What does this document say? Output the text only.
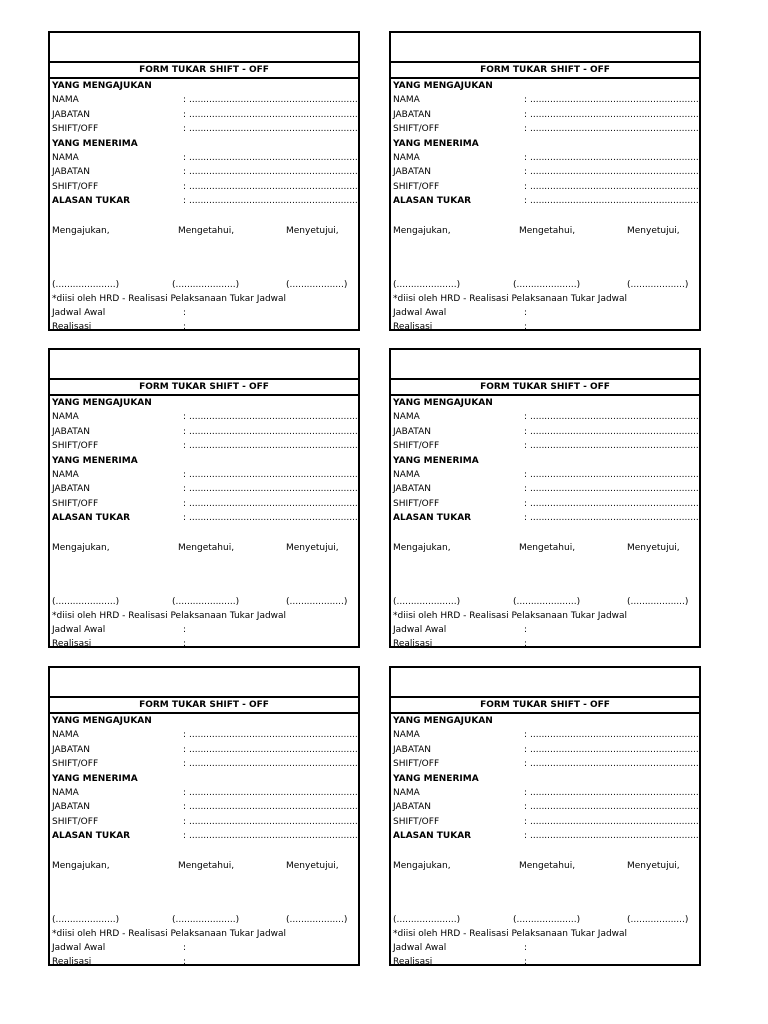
FORM TUKAR SHIFT - OFF
YANG MENGAJUKAN
NAMA	: ...........................................................
JABATAN	: ...........................................................
SHIFT/OFF	: ...........................................................
YANG MENERIMA
NAMA	: ...........................................................
JABATAN	: ...........................................................
SHIFT/OFF	: ...........................................................
ALASAN TUKAR	: ...........................................................
Mengajukan,	Mengetahui,	Menyetujui,
(.....................)	(.....................)	(...................)
*diisi oleh HRD - Realisasi Pelaksanaan Tukar Jadwal
Jadwal Awal	:
Realisasi	:
FORM TUKAR SHIFT - OFF
YANG MENGAJUKAN
NAMA	: ...........................................................
JABATAN	: ...........................................................
SHIFT/OFF	: ...........................................................
YANG MENERIMA
NAMA	: ...........................................................
JABATAN	: ...........................................................
SHIFT/OFF	: ...........................................................
ALASAN TUKAR	: ...........................................................
Mengajukan,	Mengetahui,	Menyetujui,
(.....................)	(.....................)	(...................)
*diisi oleh HRD - Realisasi Pelaksanaan Tukar Jadwal
Jadwal Awal	:
Realisasi	:
FORM TUKAR SHIFT - OFF
YANG MENGAJUKAN
NAMA	: ...........................................................
JABATAN	: ...........................................................
SHIFT/OFF	: ...........................................................
YANG MENERIMA
NAMA	: ...........................................................
JABATAN	: ...........................................................
SHIFT/OFF	: ...........................................................
ALASAN TUKAR	: ...........................................................
Mengajukan,	Mengetahui,	Menyetujui,
(.....................)	(.....................)	(...................)
*diisi oleh HRD - Realisasi Pelaksanaan Tukar Jadwal
Jadwal Awal	:
Realisasi	:
FORM TUKAR SHIFT - OFF
YANG MENGAJUKAN
NAMA	: ...........................................................
JABATAN	: ...........................................................
SHIFT/OFF	: ...........................................................
YANG MENERIMA
NAMA	: ...........................................................
JABATAN	: ...........................................................
SHIFT/OFF	: ...........................................................
ALASAN TUKAR	: ...........................................................
Mengajukan,	Mengetahui,	Menyetujui,
(.....................)	(.....................)	(...................)
*diisi oleh HRD - Realisasi Pelaksanaan Tukar Jadwal
Jadwal Awal	:
Realisasi	:
FORM TUKAR SHIFT - OFF
YANG MENGAJUKAN
NAMA	: ...........................................................
JABATAN	: ...........................................................
SHIFT/OFF	: ...........................................................
YANG MENERIMA
NAMA	: ...........................................................
JABATAN	: ...........................................................
SHIFT/OFF	: ...........................................................
ALASAN TUKAR	: ...........................................................
Mengajukan,	Mengetahui,	Menyetujui,
(.....................)	(.....................)	(...................)
*diisi oleh HRD - Realisasi Pelaksanaan Tukar Jadwal
Jadwal Awal	:
Realisasi	:
FORM TUKAR SHIFT - OFF
YANG MENGAJUKAN
NAMA	: ...........................................................
JABATAN	: ...........................................................
SHIFT/OFF	: ...........................................................
YANG MENERIMA
NAMA	: ...........................................................
JABATAN	: ...........................................................
SHIFT/OFF	: ...........................................................
ALASAN TUKAR	: ...........................................................
Mengajukan,	Mengetahui,	Menyetujui,
(.....................)	(.....................)	(...................)
*diisi oleh HRD - Realisasi Pelaksanaan Tukar Jadwal
Jadwal Awal	:
Realisasi	:
